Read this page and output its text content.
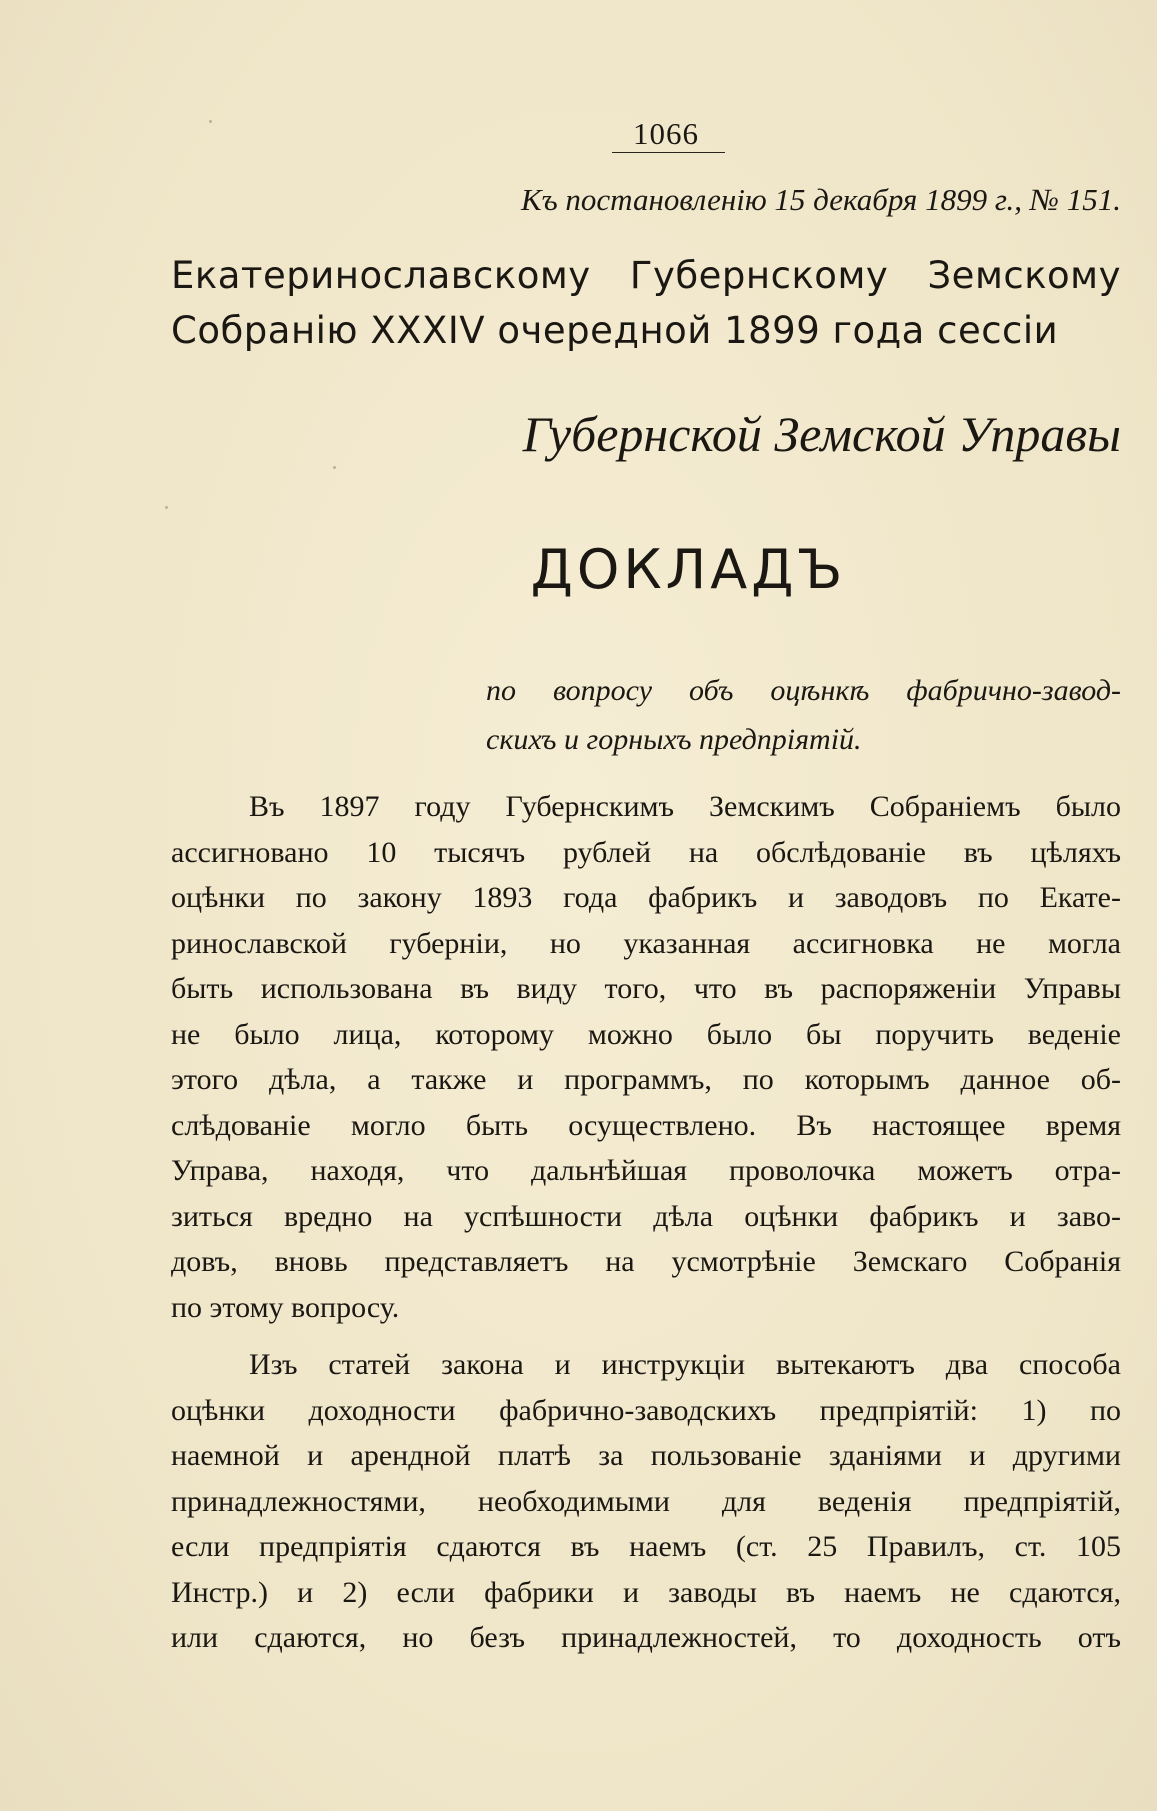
1066
Къ постановленію 15 декабря 1899 г., № 151.
Екатеринославскому Губернскому Земскому
Собранію XXXIV очередной 1899 года сессіи
Губернской Земской Управы
ДОКЛАДЪ
по вопросу объ оцѣнкѣ фабрично-завод-
скихъ и горныхъ предпріятій.
Въ 1897 году Губернскимъ Земскимъ Собраніемъ было
ассигновано 10 тысячъ рублей на обслѣдованіе въ цѣляхъ
оцѣнки по закону 1893 года фабрикъ и заводовъ по Екате-
ринославской губерніи, но указанная ассигновка не могла
быть использована въ виду того, что въ распоряженіи Управы
не было лица, которому можно было бы поручить веденіе
этого дѣла, а также и программъ, по которымъ данное об-
слѣдованіе могло быть осуществлено. Въ настоящее время
Управа, находя, что дальнѣйшая проволочка можетъ отра-
зиться вредно на успѣшности дѣла оцѣнки фабрикъ и заво-
довъ, вновь представляетъ на усмотрѣніе Земскаго Собранія
по этому вопросу.
Изъ статей закона и инструкціи вытекаютъ два способа
оцѣнки доходности фабрично-заводскихъ предпріятій: 1) по
наемной и арендной платѣ за пользованіе зданіями и другими
принадлежностями, необходимыми для веденія предпріятій,
если предпріятія сдаются въ наемъ (ст. 25 Правилъ, ст. 105
Инстр.) и 2) если фабрики и заводы въ наемъ не сдаются,
или сдаются, но безъ принадлежностей, то доходность отъ
